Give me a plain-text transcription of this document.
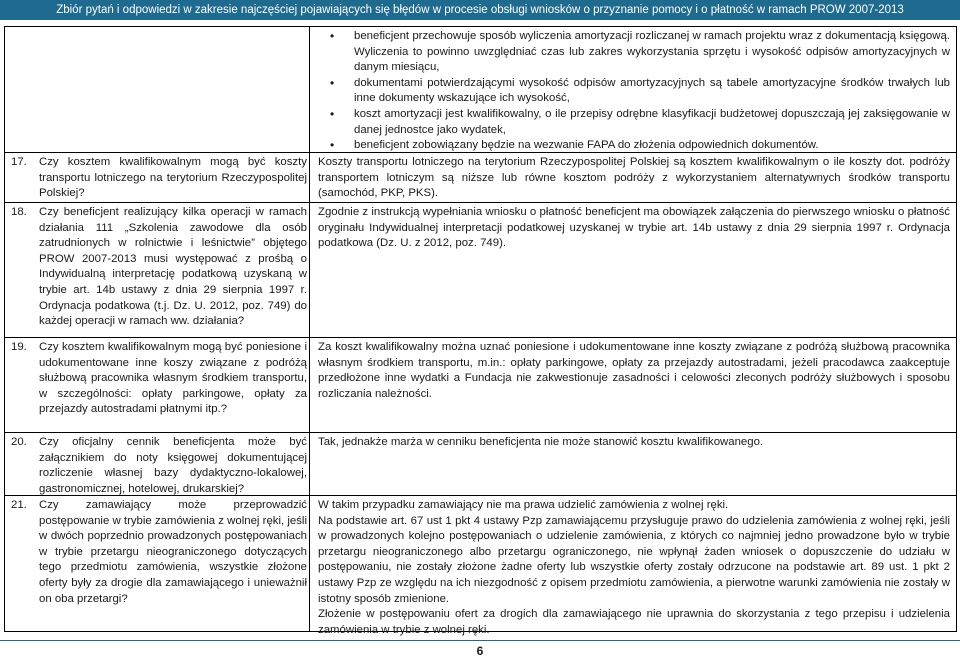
Zbiór pytań i odpowiedzi w zakresie najczęściej pojawiających się błędów w procesie obsługi wniosków o przyznanie pomocy i o płatność w ramach PROW 2007-2013
• beneficjent przechowuje sposób wyliczenia amortyzacji rozliczanej w ramach projektu wraz z dokumentacją księgową. Wyliczenia to powinno uwzględniać czas lub zakres wykorzystania sprzętu i wysokość odpisów amortyzacyjnych w danym miesiącu,
• dokumentami potwierdzającymi wysokość odpisów amortyzacyjnych są tabele amortyzacyjne środków trwałych lub inne dokumenty wskazujące ich wysokość,
• koszt amortyzacji jest kwalifikowalny, o ile przepisy odrębne klasyfikacji budżetowej dopuszczają jej zaksięgowanie w danej jednostce jako wydatek,
• beneficjent zobowiązany będzie na wezwanie FAPA do złożenia odpowiednich dokumentów.
17. Czy kosztem kwalifikowalnym mogą być koszty transportu lotniczego na terytorium Rzeczypospolitej Polskiej?
Koszty transportu lotniczego na terytorium Rzeczypospolitej Polskiej są kosztem kwalifikowalnym o ile koszty dot. podróży transportem lotniczym są niższe lub równe kosztom podróży z wykorzystaniem alternatywnych środków transportu (samochód, PKP, PKS).
18. Czy beneficjent realizujący kilka operacji w ramach działania 111 „Szkolenia zawodowe dla osób zatrudnionych w rolnictwie i leśnictwie” objętego PROW 2007-2013 musi występować z prośbą o Indywidualną interpretację podatkową uzyskaną w trybie art. 14b ustawy z dnia 29 sierpnia 1997 r. Ordynacja podatkowa (t.j. Dz. U. 2012, poz. 749) do każdej operacji w ramach ww. działania?
Zgodnie z instrukcją wypełniania wniosku o płatność beneficjent ma obowiązek załączenia do pierwszego wniosku o płatność oryginału Indywidualnej interpretacji podatkowej uzyskanej w trybie art. 14b ustawy z dnia 29 sierpnia 1997 r. Ordynacja podatkowa (Dz. U. z 2012, poz. 749).
19. Czy kosztem kwalifikowalnym mogą być poniesione i udokumentowane inne koszy związane z podróżą służbową pracownika własnym środkiem transportu, w szczególności: opłaty parkingowe, opłaty za przejazdy autostradami płatnymi itp.?
Za koszt kwalifikowalny można uznać poniesione i udokumentowane inne koszty związane z podróżą służbową pracownika własnym środkiem transportu, m.in.: opłaty parkingowe, opłaty za przejazdy autostradami, jeżeli pracodawca zaakceptuje przedłożone inne wydatki a Fundacja nie zakwestionuje zasadności i celowości zleconych podróży służbowych i sposobu rozliczania należności.
20. Czy oficjalny cennik beneficjenta może być załącznikiem do noty księgowej dokumentującej rozliczenie własnej bazy dydaktyczno-lokalowej, gastronomicznej, hotelowej, drukarskiej?
Tak, jednakże marża w cenniku beneficjenta nie może stanowić kosztu kwalifikowanego.
21. Czy zamawiający może przeprowadzić postępowanie w trybie zamówienia z wolnej ręki, jeśli w dwóch poprzednio prowadzonych postępowaniach w trybie przetargu nieograniczonego dotyczących tego przedmiotu zamówienia, wszystkie złożone oferty były za drogie dla zamawiającego i unieważnił on oba przetargi?

W takim przypadku zamawiający nie ma prawa udzielić zamówienia z wolnej ręki.

Na podstawie art. 67 ust 1 pkt 4 ustawy Pzp zamawiającemu przysługuje prawo do udzielenia zamówienia z wolnej ręki, jeśli w prowadzonych kolejno postępowaniach o udzielenie zamówienia, z których co najmniej jedno prowadzone było w trybie przetargu nieograniczonego albo przetargu ograniczonego, nie wpłynął żaden wniosek o dopuszczenie do udziału w postępowaniu, nie zostały złożone żadne oferty lub wszystkie oferty zostały odrzucone na podstawie art. 89 ust. 1 pkt 2 ustawy Pzp ze względu na ich niezgodność z opisem przedmiotu zamówienia, a pierwotne warunki zamówienia nie zostały w istotny sposób zmienione.

Złożenie w postępowaniu ofert za drogich dla zamawiającego nie uprawnia do skorzystania z tego przepisu i udzielenia zamówienia w trybie z wolnej ręki.

6
